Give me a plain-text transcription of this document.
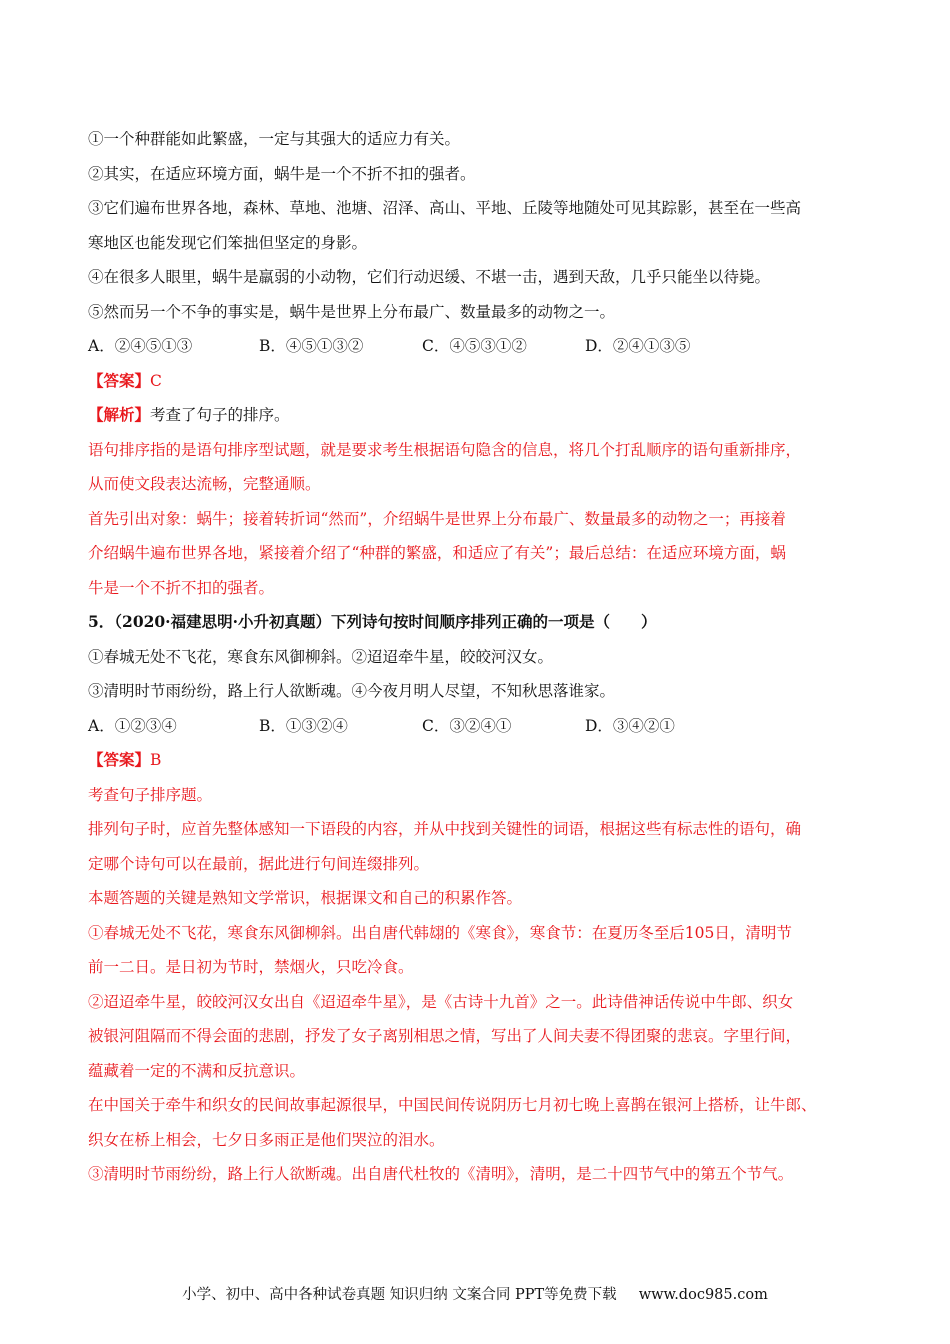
①一个种群能如此繁盛，一定与其强大的适应力有关。
②其实，在适应环境方面，蜗牛是一个不折不扣的强者。
③它们遍布世界各地，森林、草地、池塘、沼泽、高山、平地、丘陵等地随处可见其踪影，甚至在一些高
寒地区也能发现它们笨拙但坚定的身影。
④在很多人眼里，蜗牛是羸弱的小动物，它们行动迟缓、不堪一击，遇到天敌，几乎只能坐以待毙。
⑤然而另一个不争的事实是，蜗牛是世界上分布最广、数量最多的动物之一。
A．②④⑤①③	B．④⑤①③②	C．④⑤③①②	D．②④①③⑤
【答案】C
【解析】考查了句子的排序。
语句排序指的是语句排序型试题，就是要求考生根据语句隐含的信息，将几个打乱顺序的语句重新排序，
从而使文段表达流畅，完整通顺。
首先引出对象：蜗牛；接着转折词“然而”，介绍蜗牛是世界上分布最广、数量最多的动物之一；再接着
介绍蜗牛遍布世界各地，紧接着介绍了“种群的繁盛，和适应了有关”；最后总结：在适应环境方面，蜗
牛是一个不折不扣的强者。
5．（2020·福建思明·小升初真题）下列诗句按时间顺序排列正确的一项是（　　）
①春城无处不飞花，寒食东风御柳斜。②迢迢牵牛星，皎皎河汉女。
③清明时节雨纷纷，路上行人欲断魂。④今夜月明人尽望，不知秋思落谁家。
A．①②③④	B．①③②④	C．③②④①	D．③④②①
【答案】B
考查句子排序题。
排列句子时，应首先整体感知一下语段的内容，并从中找到关键性的词语，根据这些有标志性的语句，确
定哪个诗句可以在最前，据此进行句间连缀排列。
本题答题的关键是熟知文学常识，根据课文和自己的积累作答。
①春城无处不飞花，寒食东风御柳斜。出自唐代韩翃的《寒食》，寒食节：在夏历冬至后105日，清明节
前一二日。是日初为节时，禁烟火，只吃冷食。
②迢迢牵牛星，皎皎河汉女出自《迢迢牵牛星》，是《古诗十九首》之一。此诗借神话传说中牛郎、织女
被银河阻隔而不得会面的悲剧，抒发了女子离别相思之情，写出了人间夫妻不得团聚的悲哀。字里行间，
蕴藏着一定的不满和反抗意识。
在中国关于牵牛和织女的民间故事起源很早，中国民间传说阴历七月初七晚上喜鹊在银河上搭桥，让牛郎、
织女在桥上相会，七夕日多雨正是他们哭泣的泪水。
③清明时节雨纷纷，路上行人欲断魂。出自唐代杜牧的《清明》，清明，是二十四节气中的第五个节气。
小学、初中、高中各种试卷真题 知识归纳 文案合同 PPT等免费下载 www.doc985.com
